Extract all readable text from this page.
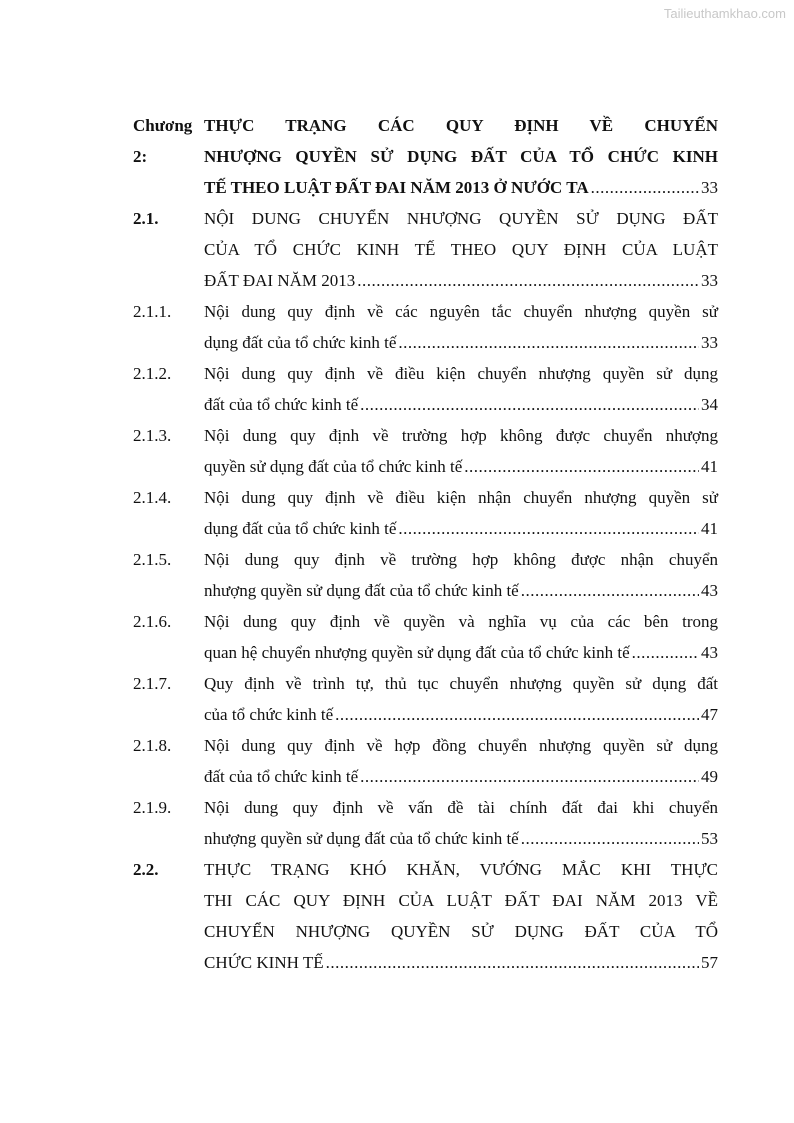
Tailieuthamkhao.com
Chương 2:

THỰC TRẠNG CÁC QUY ĐỊNH VỀ CHUYỂN

NHƯỢNG QUYỀN SỬ DỤNG ĐẤT CỦA TỔ CHỨC KINH

TẾ THEO LUẬT ĐẤT ĐAI NĂM 2013 Ở NƯỚC TA .....	33
2.1.	NỘI DUNG CHUYỂN NHƯỢNG QUYỀN SỬ DỤNG ĐẤT

CỦA TỔ CHỨC KINH TẾ THEO QUY ĐỊNH CỦA LUẬT

ĐẤT ĐAI NĂM 2013 .....	33
2.1.1.	Nội dung quy định về các nguyên tắc chuyển nhượng quyền sử

dụng đất của tổ chức kinh tế .....	33
2.1.2.	Nội dung quy định về điều kiện chuyển nhượng quyền sử dụng

đất của tổ chức kinh tế .....	34
2.1.3.	Nội dung quy định về trường hợp không được chuyển nhượng

quyền sử dụng đất của tổ chức kinh tế .....	41
2.1.4.	Nội dung quy định về điều kiện nhận chuyển nhượng quyền sử

dụng đất của tổ chức kinh tế .....	41
2.1.5.	Nội dung quy định về trường hợp không được nhận chuyển

nhượng quyền sử dụng đất của tổ chức kinh tế .....	43
2.1.6.	Nội dung quy định về quyền và nghĩa vụ của các bên trong

quan hệ chuyển nhượng quyền sử dụng đất của tổ chức kinh tế .....	43
2.1.7.	Quy định về trình tự, thủ tục chuyển nhượng quyền sử dụng đất

của tổ chức kinh tế .....	47
2.1.8.	Nội dung quy định về hợp đồng chuyển nhượng quyền sử dụng

đất của tổ chức kinh tế .....	49
2.1.9.	Nội dung quy định về vấn đề tài chính đất đai khi chuyển

nhượng quyền sử dụng đất của tổ chức kinh tế .....	53
2.2.	THỰC TRẠNG KHÓ KHĂN, VƯỚNG MẮC KHI THỰC

THI CÁC QUY ĐỊNH CỦA LUẬT ĐẤT ĐAI NĂM 2013 VỀ

CHUYỂN NHƯỢNG QUYỀN SỬ DỤNG ĐẤT CỦA TỔ

CHỨC KINH TẾ .....	57
